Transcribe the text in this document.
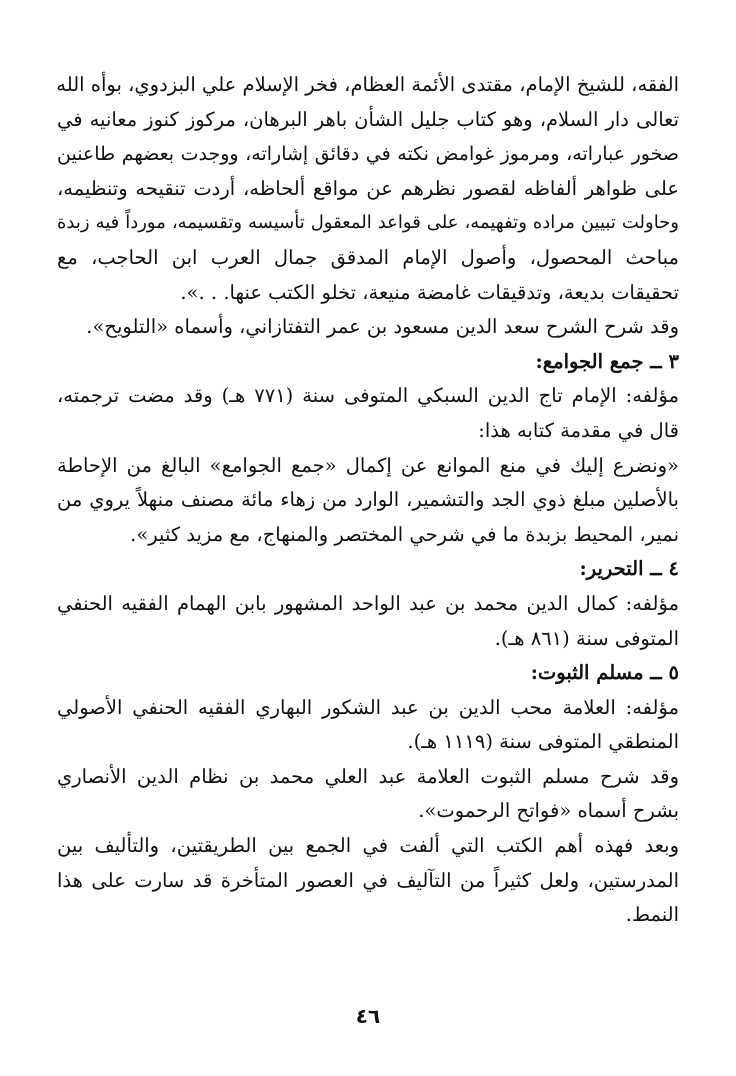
الفقه، للشيخ الإمام، مقتدى الأئمة العظام، فخر الإسلام علي البزدوي، بوأه الله
تعالى دار السلام، وهو كتاب جليل الشأن باهر البرهان، مركوز كنوز معانيه في
صخور عباراته، ومرموز غوامض نكته في دقائق إشاراته، ووجدت بعضهم طاعنين
على ظواهر ألفاظه لقصور نظرهم عن مواقع ألحاظه، أردت تنقيحه وتنظيمه،
وحاولت تبيين مراده وتفهيمه، على قواعد المعقول تأسيسه وتقسيمه، مورداً فيه زبدة
مباحث المحصول، وأصول الإمام المدقق جمال العرب ابن الحاجب، مع
تحقيقات بديعة، وتدقيقات غامضة منيعة، تخلو الكتب عنها. . .».
وقد شرح الشرح سعد الدين مسعود بن عمر التفتازاني، وأسماه «التلويح».
٣ ــ جمع الجوامع:
مؤلفه: الإمام تاج الدين السبكي المتوفى سنة (٧٧١ هـ) وقد مضت ترجمته،
قال في مقدمة كتابه هذا:
«ونضرع إليك في منع الموانع عن إكمال «جمع الجوامع» البالغ من الإحاطة
بالأصلين مبلغ ذوي الجد والتشمير، الوارد من زهاء مائة مصنف منهلاً يروي من
نمير، المحيط بزبدة ما في شرحي المختصر والمنهاج، مع مزيد كثير».
٤ ــ التحرير:
مؤلفه: كمال الدين محمد بن عبد الواحد المشهور بابن الهمام الفقيه الحنفي
المتوفى سنة (٨٦١ هـ).
٥ ــ مسلم الثبوت:
مؤلفه: العلامة محب الدين بن عبد الشكور البهاري الفقيه الحنفي الأصولي
المنطقي المتوفى سنة (١١١٩ هـ).
وقد شرح مسلم الثبوت العلامة عبد العلي محمد بن نظام الدين الأنصاري
بشرح أسماه «فواتح الرحموت».
وبعد فهذه أهم الكتب التي ألفت في الجمع بين الطريقتين، والتأليف بين
المدرستين، ولعل كثيراً من التآليف في العصور المتأخرة قد سارت على هذا
النمط.
٤٦
